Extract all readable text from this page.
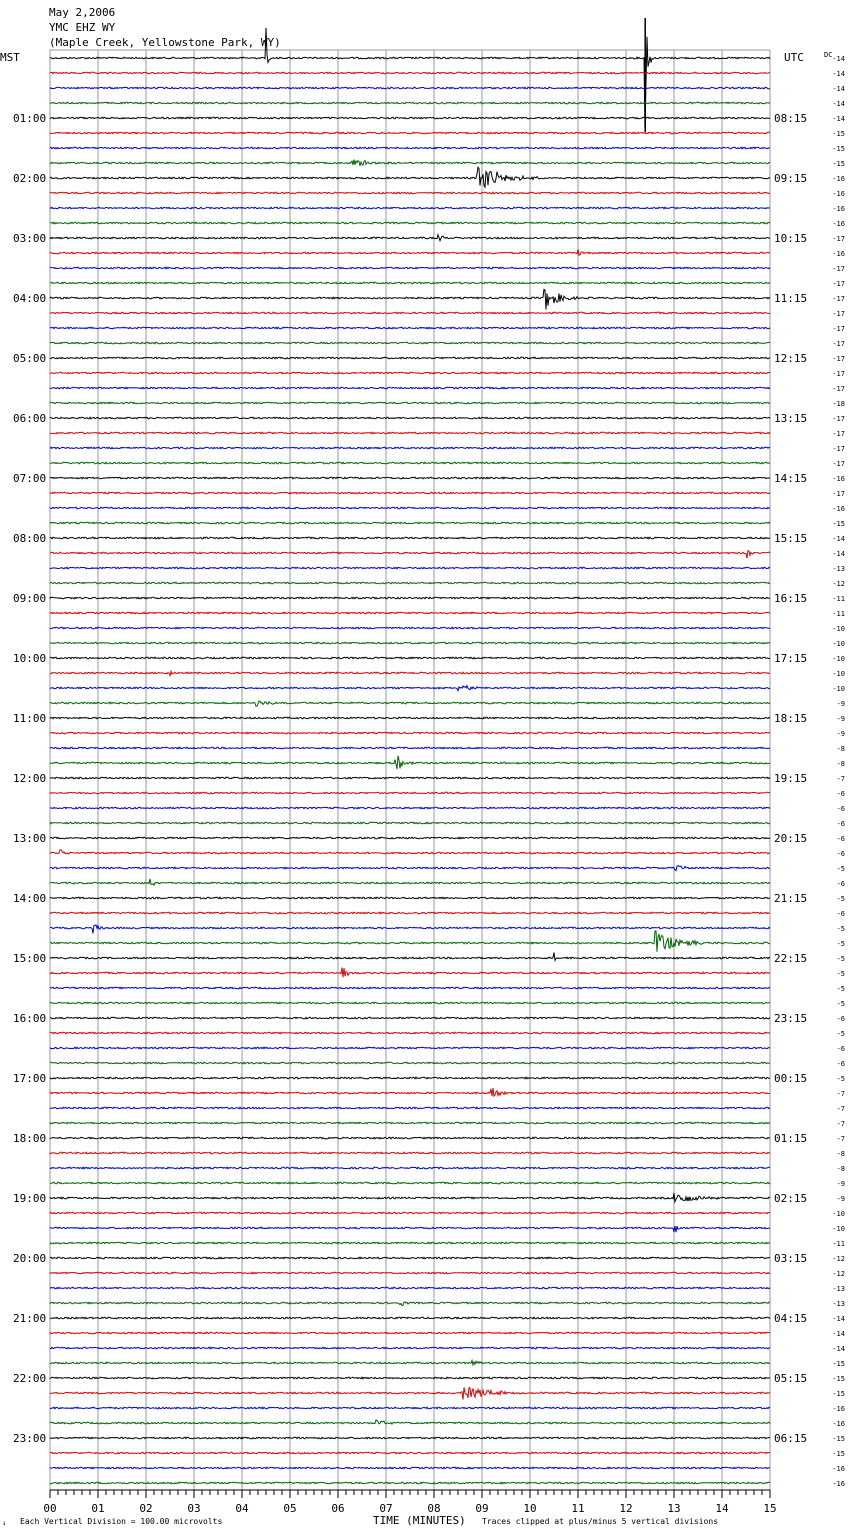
May 2,2006
YMC EHZ WY
(Maple Creek, Yellowstone Park, WY)
MST	UTC	DC
01:00
02:00
03:00
04:00
05:00
06:00
07:00
08:00
09:00
10:00
11:00
12:00
13:00
14:00
15:00
16:00
17:00
18:00
19:00
20:00
21:00
22:00
23:00
08:15
09:15
10:15
11:15
12:15
13:15
14:15
15:15
16:15
17:15
18:15
19:15
20:15
21:15
22:15
23:15
00:15
01:15
02:15
03:15
04:15
05:15
06:15
-14
-14
-14
-14
-14
-15
-15
-15
-16
-16
-16
-16
-17
-16
-17
-17
-17
-17
-17
-17
-17
-17
-17
-18
-17
-17
-17
-17
-16
-17
-16
-15
-14
-14
-13
-12
-11
-11
-10
-10
-10
-10
-10
-9
-9
-9
-8
-8
-7
-6
-6
-6
-6
-6
-5
-6
-5
-6
-5
-5
-5
-5
-5
-5
-6
-5
-6
-6
-5
-7
-7
-7
-7
-8
-8
-9
-9
-10
-10
-11
-12
-12
-13
-13
-14
-14
-14
-15
-15
-15
-16
-16
-15
-15
-16
-16
00	01	02	03	04	05	06	07	08	09	10	11	12	13	14	15
↓ Each Vertical Division = 100.00 microvolts	TIME (MINUTES) Traces clipped at plus/minus 5 vertical divisions
